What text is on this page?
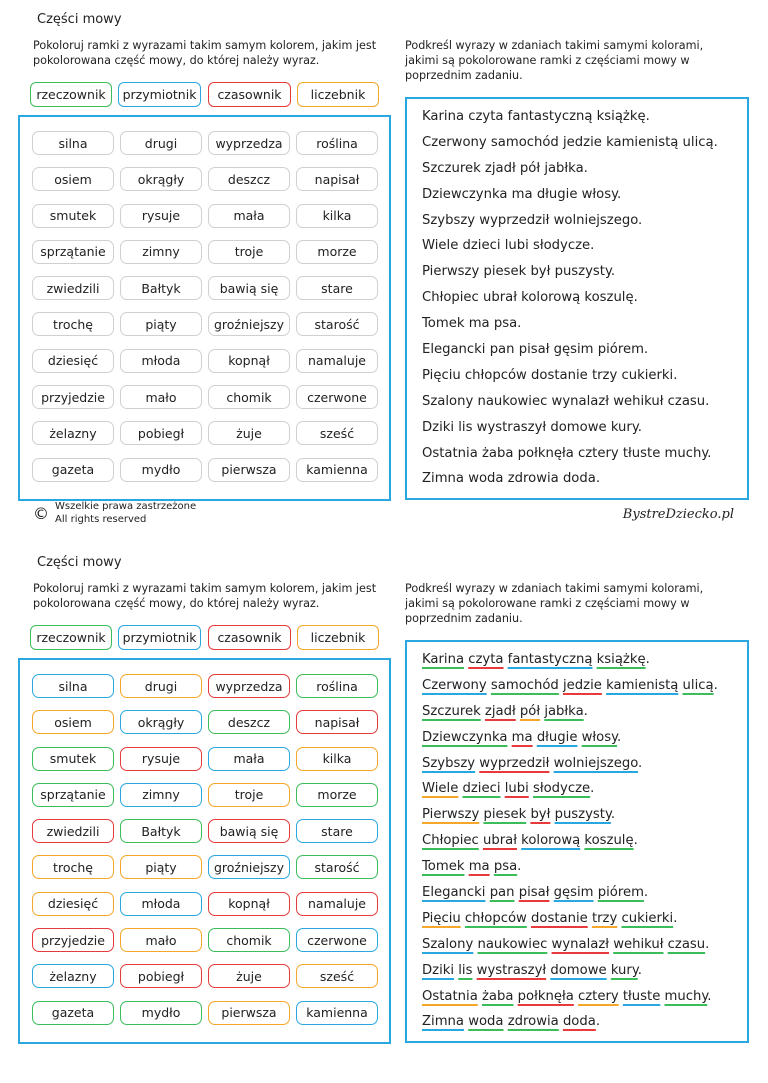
Części mowy
Pokoloruj ramki z wyrazami takim samym kolorem, jakim jest pokolorowana część mowy, do której należy wyraz.
Podkreśl wyrazy w zdaniach takimi samymi kolorami, jakimi są pokolorowane ramki z częściami mowy w poprzednim zadaniu.
rzeczownik	przymiotnik	czasownik	liczebnik
silna	drugi	wyprzedza	roślina
osiem	okrągły	deszcz	napisał
smutek	rysuje	mała	kilka
sprzątanie	zimny	troje	morze
zwiedzili	Bałtyk	bawią się	stare
trochę	piąty	groźniejszy	starość
dziesięć	młoda	kopnął	namaluje
przyjedzie	mało	chomik	czerwone
żelazny	pobiegł	żuje	sześć
gazeta	mydło	pierwsza	kamienna
Karina czyta fantastyczną książkę.
Czerwony samochód jedzie kamienistą ulicą.
Szczurek zjadł pół jabłka.
Dziewczynka ma długie włosy.
Szybszy wyprzedził wolniejszego.
Wiele dzieci lubi słodycze.
Pierwszy piesek był puszysty.
Chłopiec ubrał kolorową koszulę.
Tomek ma psa.
Elegancki pan pisał gęsim piórem.
Pięciu chłopców dostanie trzy cukierki.
Szalony naukowiec wynalazł wehikuł czasu.
Dziki lis wystraszył domowe kury.
Ostatnia żaba połknęła cztery tłuste muchy.
Zimna woda zdrowia doda.
© Wszelkie prawa zastrzeżone
All rights reserved	BystreDziecko.pl
Części mowy
Pokoloruj ramki z wyrazami takim samym kolorem, jakim jest pokolorowana część mowy, do której należy wyraz.
Podkreśl wyrazy w zdaniach takimi samymi kolorami, jakimi są pokolorowane ramki z częściami mowy w poprzednim zadaniu.
rzeczownik	przymiotnik	czasownik	liczebnik
silna	drugi	wyprzedza	roślina
osiem	okrągły	deszcz	napisał
smutek	rysuje	mała	kilka
sprzątanie	zimny	troje	morze
zwiedzili	Bałtyk	bawią się	stare
trochę	piąty	groźniejszy	starość
dziesięć	młoda	kopnął	namaluje
przyjedzie	mało	chomik	czerwone
żelazny	pobiegł	żuje	sześć
gazeta	mydło	pierwsza	kamienna
Karina czyta fantastyczną książkę.
Czerwony samochód jedzie kamienistą ulicą.
Szczurek zjadł pół jabłka.
Dziewczynka ma długie włosy.
Szybszy wyprzedził wolniejszego.
Wiele dzieci lubi słodycze.
Pierwszy piesek był puszysty.
Chłopiec ubrał kolorową koszulę.
Tomek ma psa.
Elegancki pan pisał gęsim piórem.
Pięciu chłopców dostanie trzy cukierki.
Szalony naukowiec wynalazł wehikuł czasu.
Dziki lis wystraszył domowe kury.
Ostatnia żaba połknęła cztery tłuste muchy.
Zimna woda zdrowia doda.
